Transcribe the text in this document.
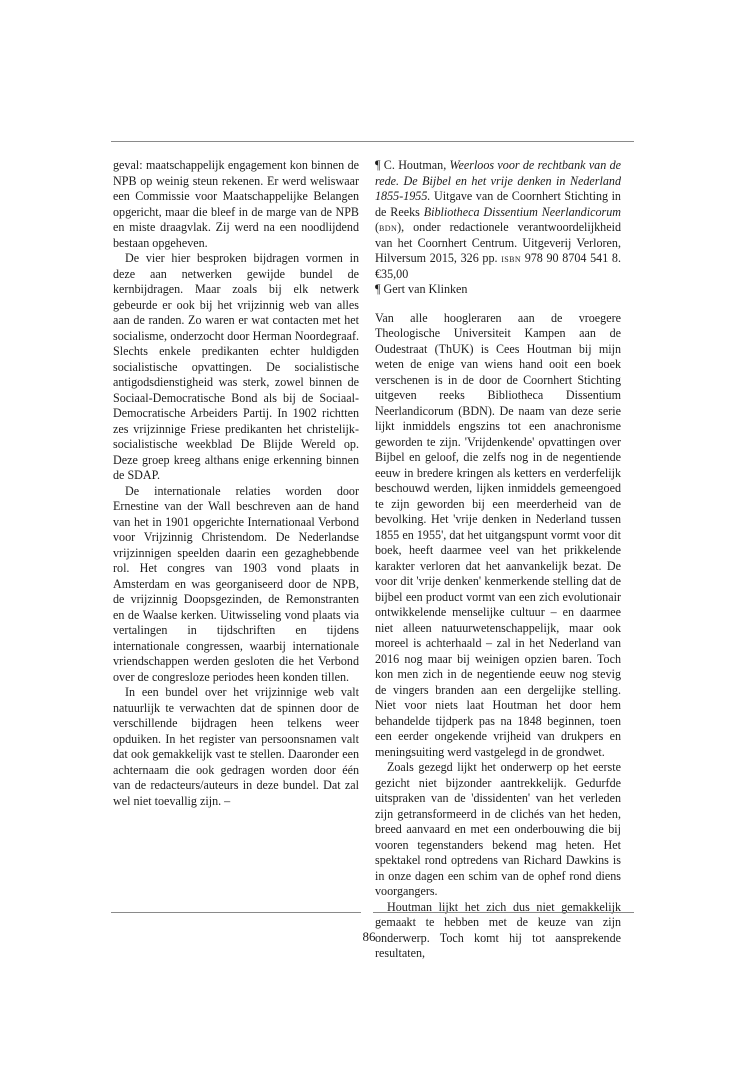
geval: maatschappelijk engagement kon binnen de NPB op weinig steun rekenen. Er werd weliswaar een Commissie voor Maatschappelijke Belangen opgericht, maar die bleef in de marge van de NPB en miste draagvlak. Zij werd na een noodlijdend bestaan opgeheven.

De vier hier besproken bijdragen vormen in deze aan netwerken gewijde bundel de kernbijdragen. Maar zoals bij elk netwerk gebeurde er ook bij het vrijzinnig web van alles aan de randen. Zo waren er wat contacten met het socialisme, onderzocht door Herman Noordegraaf. Slechts enkele predikanten echter huldigden socialistische opvattingen. De socialistische antigodsdienstigheid was sterk, zowel binnen de Sociaal-Democratische Bond als bij de Sociaal-Democratische Arbeiders Partij. In 1902 richtten zes vrijzinnige Friese predikanten het christelijk-socialistische weekblad De Blijde Wereld op. Deze groep kreeg althans enige erkenning binnen de SDAP.

De internationale relaties worden door Ernestine van der Wall beschreven aan de hand van het in 1901 opgerichte Internationaal Verbond voor Vrijzinnig Christendom. De Nederlandse vrijzinnigen speelden daarin een gezaghebbende rol. Het congres van 1903 vond plaats in Amsterdam en was georganiseerd door de NPB, de vrijzinnig Doopsgezinden, de Remonstranten en de Waalse kerken. Uitwisseling vond plaats via vertalingen in tijdschriften en tijdens internationale congressen, waarbij internationale vriendschappen werden gesloten die het Verbond over de congresloze periodes heen konden tillen.

In een bundel over het vrijzinnige web valt natuurlijk te verwachten dat de spinnen door de verschillende bijdragen heen telkens weer opduiken. In het register van persoonsnamen valt dat ook gemakkelijk vast te stellen. Daaronder een achternaam die ook gedragen worden door één van de redacteurs/auteurs in deze bundel. Dat zal wel niet toevallig zijn. –

¶ C. Houtman, Weerloos voor de rechtbank van de rede. De Bijbel en het vrije denken in Nederland 1855-1955. Uitgave van de Coornhert Stichting in de Reeks Bibliotheca Dissentium Neerlandicorum (bdn), onder redactionele verantwoordelijkheid van het Coornhert Centrum. Uitgeverij Verloren, Hilversum 2015, 326 pp. isbn 978 90 8704 541 8. €35,00
¶ Gert van Klinken

Van alle hoogleraren aan de vroegere Theologische Universiteit Kampen aan de Oudestraat (ThUK) is Cees Houtman bij mijn weten de enige van wiens hand ooit een boek verschenen is in de door de Coornhert Stichting uitgeven reeks Bibliotheca Dissentium Neerlandicorum (BDN). De naam van deze serie lijkt inmiddels engszins tot een anachronisme geworden te zijn. 'Vrijdenkende' opvattingen over Bijbel en geloof, die zelfs nog in de negentiende eeuw in bredere kringen als ketters en verderfelijk beschouwd werden, lijken inmiddels gemeengoed te zijn geworden bij een meerderheid van de bevolking. Het 'vrije denken in Nederland tussen 1855 en 1955', dat het uitgangspunt vormt voor dit boek, heeft daarmee veel van het prikkelende karakter verloren dat het aanvankelijk bezat. De voor dit 'vrije denken' kenmerkende stelling dat de bijbel een product vormt van een zich evolutionair ontwikkelende menselijke cultuur – en daarmee niet alleen natuurwetenschappelijk, maar ook moreel is achterhaald – zal in het Nederland van 2016 nog maar bij weinigen opzien baren. Toch kon men zich in de negentiende eeuw nog stevig de vingers branden aan een dergelijke stelling. Niet voor niets laat Houtman het door hem behandelde tijdperk pas na 1848 beginnen, toen een eerder ongekende vrijheid van drukpers en meningsuiting werd vastgelegd in de grondwet.

Zoals gezegd lijkt het onderwerp op het eerste gezicht niet bijzonder aantrekkelijk. Gedurfde uitspraken van de 'dissidenten' van het verleden zijn getransformeerd in de clichés van het heden, breed aanvaard en met een onderbouwing die bij vooren tegenstanders bekend mag heten. Het spektakel rond optredens van Richard Dawkins is in onze dagen een schim van de ophef rond diens voorgangers.

Houtman lijkt het zich dus niet gemakkelijk gemaakt te hebben met de keuze van zijn onderwerp. Toch komt hij tot aansprekende resultaten,

86
